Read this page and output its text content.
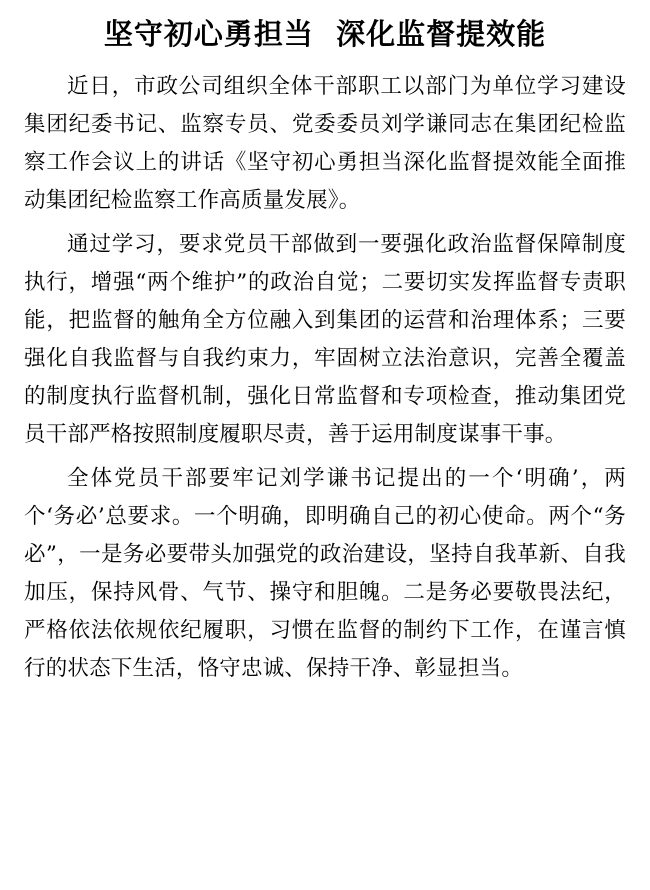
坚守初心勇担当  深化监督提效能

近日，市政公司组织全体干部职工以部门为单位学习建设集团纪委书记、监察专员、党委委员刘学谦同志在集团纪检监察工作会议上的讲话《坚守初心勇担当深化监督提效能全面推动集团纪检监察工作高质量发展》。

通过学习，要求党员干部做到一要强化政治监督保障制度执行，增强“两个维护”的政治自觉；二要切实发挥监督专责职能，把监督的触角全方位融入到集团的运营和治理体系；三要强化自我监督与自我约束力，牢固树立法治意识，完善全覆盖的制度执行监督机制，强化日常监督和专项检查，推动集团党员干部严格按照制度履职尽责，善于运用制度谋事干事。

全体党员干部要牢记刘学谦书记提出的一个‘明确’，两个‘务必’总要求。一个明确，即明确自己的初心使命。两个“务必”，一是务必要带头加强党的政治建设，坚持自我革新、自我加压，保持风骨、气节、操守和胆魄。二是务必要敬畏法纪，严格依法依规依纪履职，习惯在监督的制约下工作，在谨言慎行的状态下生活，恪守忠诚、保持干净、彰显担当。
